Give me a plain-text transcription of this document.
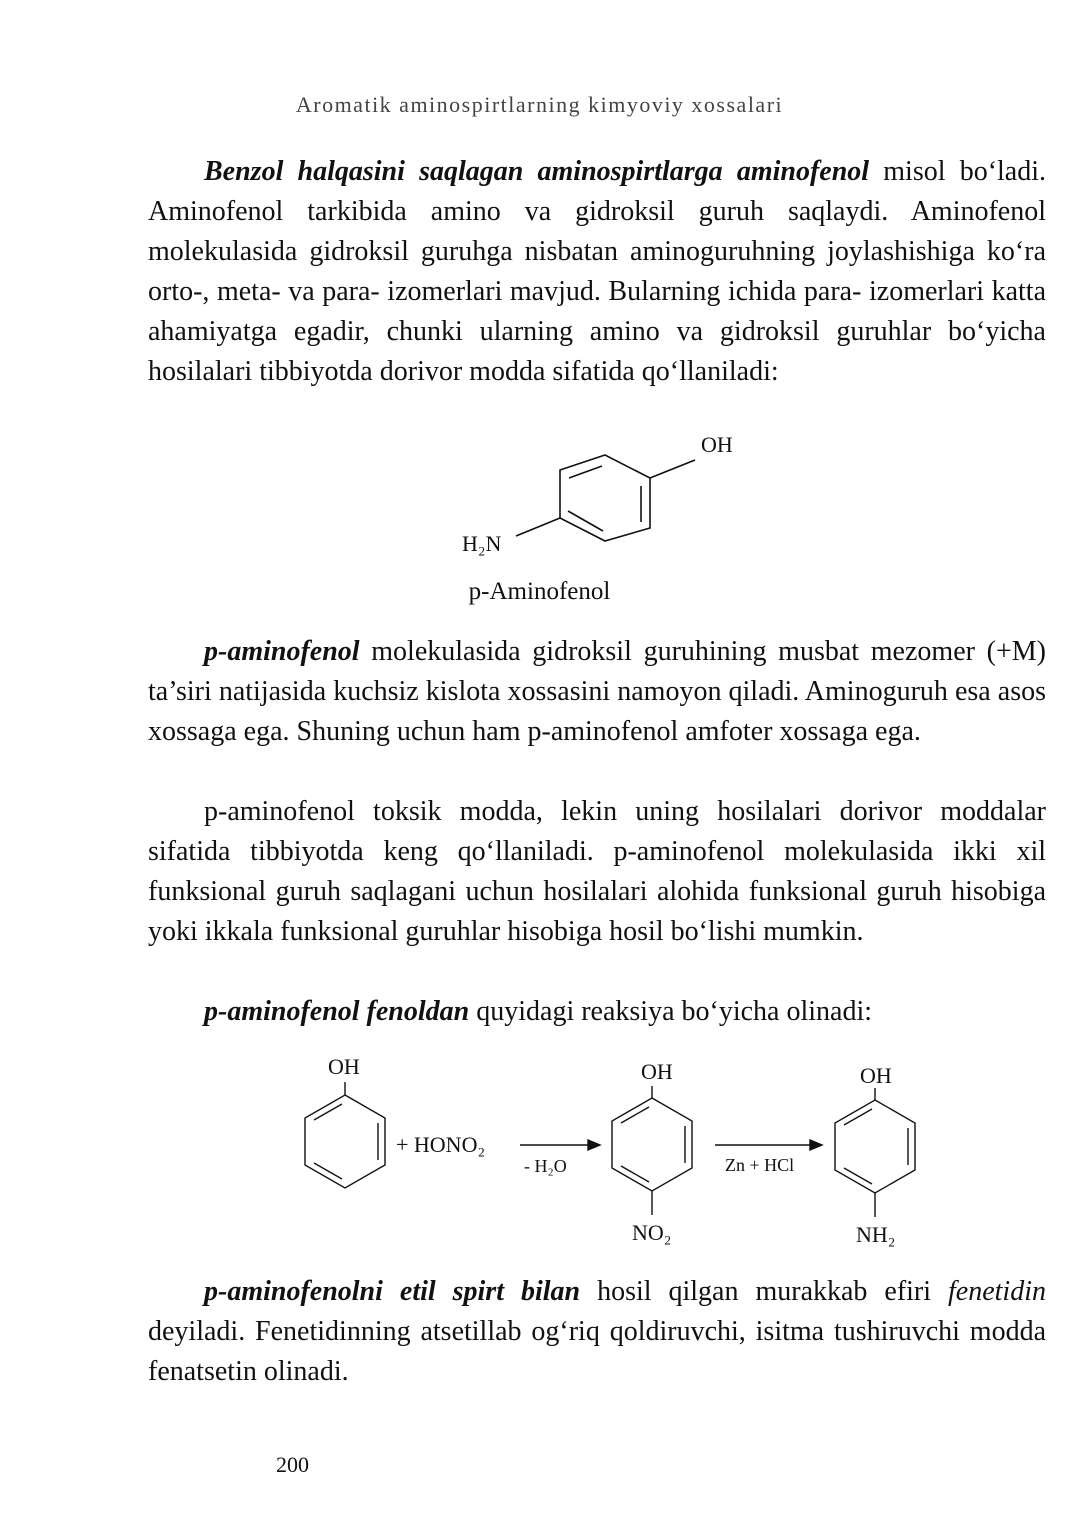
Aromatik aminospirtlarning kimyoviy xossalari

Benzol halqasini saqlagan aminospirtlarga aminofenol misol bo‘ladi. Aminofenol tarkibida amino va gidroksil guruh saqlaydi. Aminofenol molekulasida gidroksil guruhga nisbatan aminoguruhning joylashishiga ko‘ra orto-, meta- va para- izomerlari mavjud. Bularning ichida para- izomerlari katta ahamiyatga egadir, chunki ularning amino va gidroksil guruhlar bo‘yicha hosilalari tibbiyotda dorivor modda sifatida qo‘llaniladi:

OH
H₂N
p-Aminofenol

p-aminofenol molekulasida gidroksil guruhining musbat mezomer (+M) ta’siri natijasida kuchsiz kislota xossasini namoyon qiladi. Aminoguruh esa asos xossaga ega. Shuning uchun ham p-aminofenol amfoter xossaga ega.

p-aminofenol toksik modda, lekin uning hosilalari dorivor moddalar sifatida tibbiyotda keng qo‘llaniladi. p-aminofenol molekulasida ikki xil funksional guruh saqlagani uchun hosilalari alohida funksional guruh hisobiga yoki ikkala funksional guruhlar hisobiga hosil bo‘lishi mumkin.

p-aminofenol fenoldan quyidagi reaksiya bo‘yicha olinadi:

OH
+ HONO₂
- H₂O
OH
NO₂
Zn + HCl
OH
NH₂

p-aminofenolni etil spirt bilan hosil qilgan murakkab efiri fenetidin deyiladi. Fenetidinning atsetillab og‘riq qoldiruvchi, isitma tushiruvchi modda fenatsetin olinadi.

200
